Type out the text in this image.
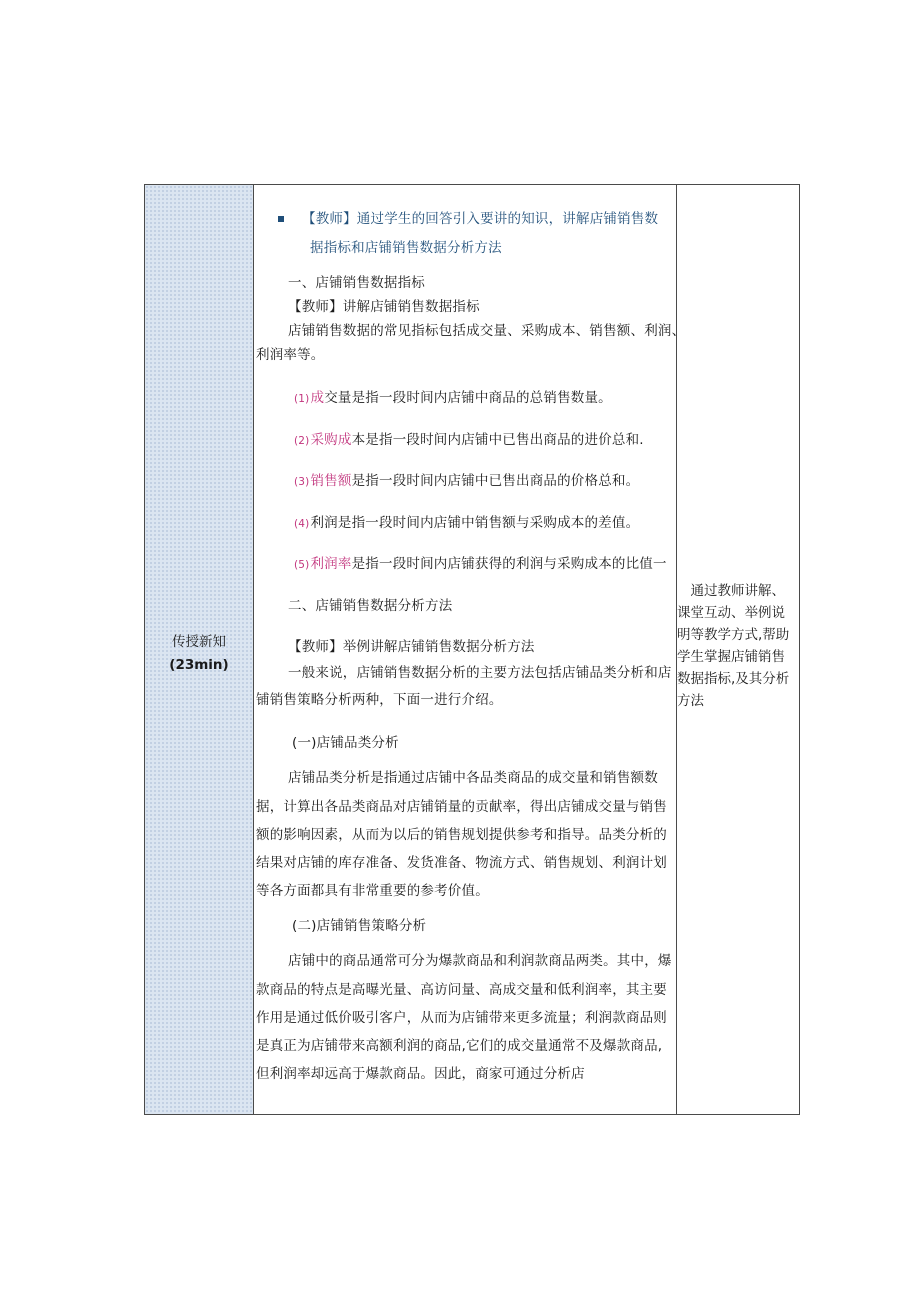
传授新知
(23min)
【教师】通过学生的回答引入要讲的知识，讲解店铺销售数
据指标和店铺销售数据分析方法
一、店铺销售数据指标
【教师】讲解店铺销售数据指标
店铺销售数据的常见指标包括成交量、采购成本、销售额、利润、
利润率等。
(1)成交量是指一段时间内店铺中商品的总销售数量。
(2)采购成本是指一段时间内店铺中已售出商品的进价总和.
(3)销售额是指一段时间内店铺中已售出商品的价格总和。
(4)利润是指一段时间内店铺中销售额与采购成本的差值。
(5)利润率是指一段时间内店铺获得的利润与采购成本的比值一
二、店铺销售数据分析方法
【教师】举例讲解店铺销售数据分析方法
一般来说，店铺销售数据分析的主要方法包括店铺品类分析和店
铺销售策略分析两种，下面一进行介绍。
(一)店铺品类分析
店铺品类分析是指通过店铺中各品类商品的成交量和销售额数
据，计算出各品类商品对店铺销量的贡献率，得出店铺成交量与销售
额的影响因素，从而为以后的销售规划提供参考和指导。品类分析的
结果对店铺的库存准备、发货准备、物流方式、销售规划、利润计划
等各方面都具有非常重要的参考价值。
(二)店铺销售策略分析
店铺中的商品通常可分为爆款商品和利润款商品两类。其中，爆
款商品的特点是高曝光量、高访问量、高成交量和低利润率，其主要
作用是通过低价吸引客户，从而为店铺带来更多流量；利润款商品则
是真正为店铺带来高额利润的商品,它们的成交量通常不及爆款商品,
但利润率却远高于爆款商品。因此，商家可通过分析店
　通过教师讲解、
课堂互动、举例说
明等教学方式,帮助
学生掌握店铺销售
数据指标,及其分析
方法
